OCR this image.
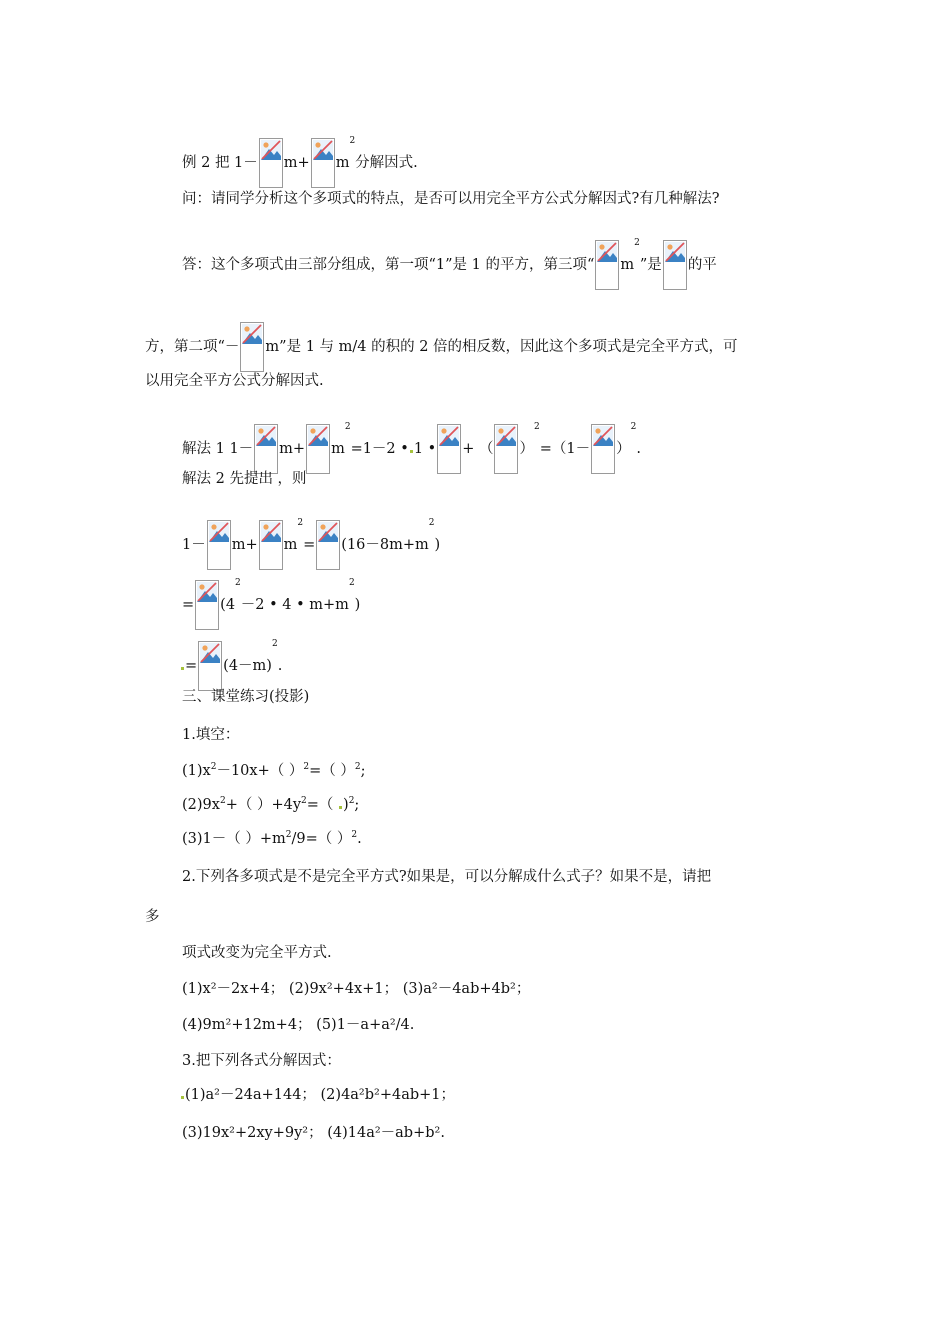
例 2 把 $1- m+ m^2$分解因式.
问：请同学分析这个多项式的特点，是否可以用完全平方公式分解因式?有几种解法?
答：这个多项式由三部分组成，第一项“1”是 1 的平方，第三项“ $m^2$”是 的平
方，第二项“－ m”是 1 与 m/4 的积的 2 倍的相反数，因此这个多项式是完全平方式，可
以用完全平方公式分解因式.
解法 1 $1- m+ m^2=1-2$ • 1 • + （ ）$^2=(1- )^2$.
解法 2 先提出 ，则
$1- m+ m^2= (16-8m+m^2)$
= ($4^2-2$ • 4 • $m+m^2$)
= $(4-m)^2$.
三、课堂练习(投影)
1.填空：
$(1)x^2-10x+$（ ）$^2$=（ ）$^2$;
$(2)9x^2+$（ ）$+4y^2=$（ )$^2$;
(3)1－（ ）$+m^2/9=$（ ）$^2$.
2.下列各多项式是不是完全平方式?如果是，可以分解成什么式子？如果不是，请把
多
项式改变为完全平方式.
(1)x²－2x+4； (2)9x²+4x+1； (3)a²－4ab+4b²；
(4)9m²+12m+4； (5)1－a+a²/4.
3.把下列各式分解因式：
(1)a²－24a+144； (2)4a²b²+4ab+1；
(3)19x²+2xy+9y²； (4)14a²－ab+b².
